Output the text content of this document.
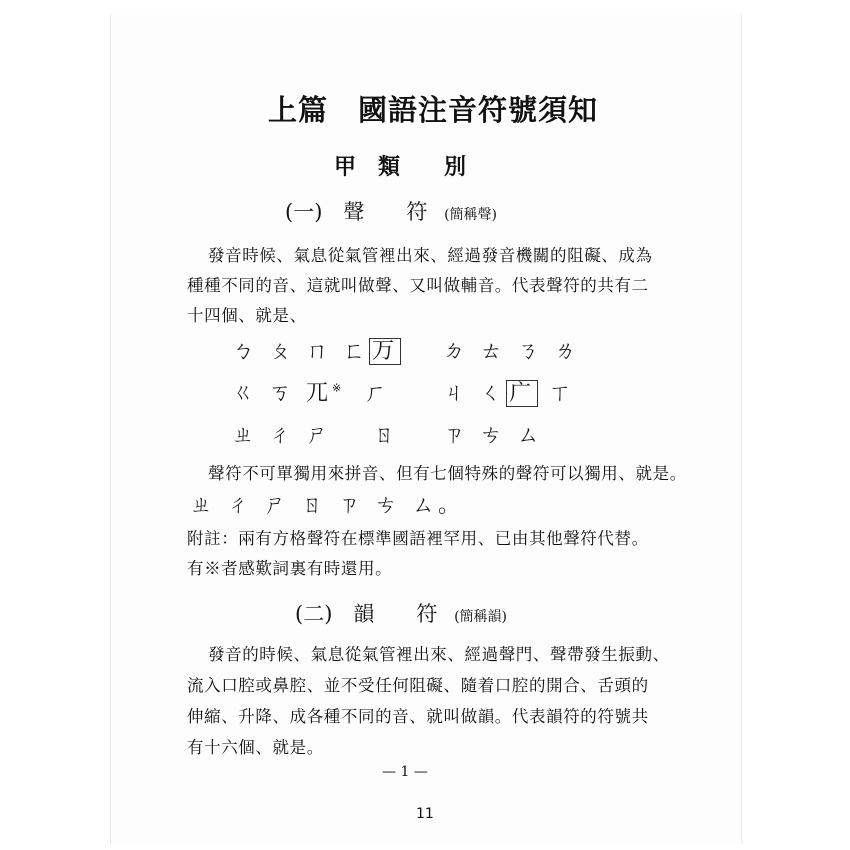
上篇　國語注音符號須知
甲　類　　別
(一)　聲　　符 (簡稱聲)
發音時候、氣息從氣管裡出來、經過發音機關的阻礙、成為
種種不同的音、這就叫做聲、又叫做輔音。代表聲符的共有二
十四個、就是、
ㄅ ㄆ ㄇ ㄈ ㄪ ㄉ ㄊ ㄋ ㄌ
ㄍ ㄎ ㄫ※ ㄏ ㄐ ㄑ ㄬ ㄒ
ㄓ ㄔ ㄕ ㄖ ㄗ ㄘ ㄙ
聲符不可單獨用來拼音、但有七個特殊的聲符可以獨用、就是。
ㄓ ㄔ ㄕ ㄖ ㄗ ㄘ ㄙ。
附註：兩有方格聲符在標準國語裡罕用、已由其他聲符代替。
有※者感歎詞裏有時還用。
(二)　韻　　符 (簡稱韻)
發音的時候、氣息從氣管裡出來、經過聲門、聲帶發生振動、
流入口腔或鼻腔、並不受任何阻礙、隨着口腔的開合、舌頭的
伸縮、升降、成各種不同的音、就叫做韻。代表韻符的符號共
有十六個、就是。
— 1 —
11
